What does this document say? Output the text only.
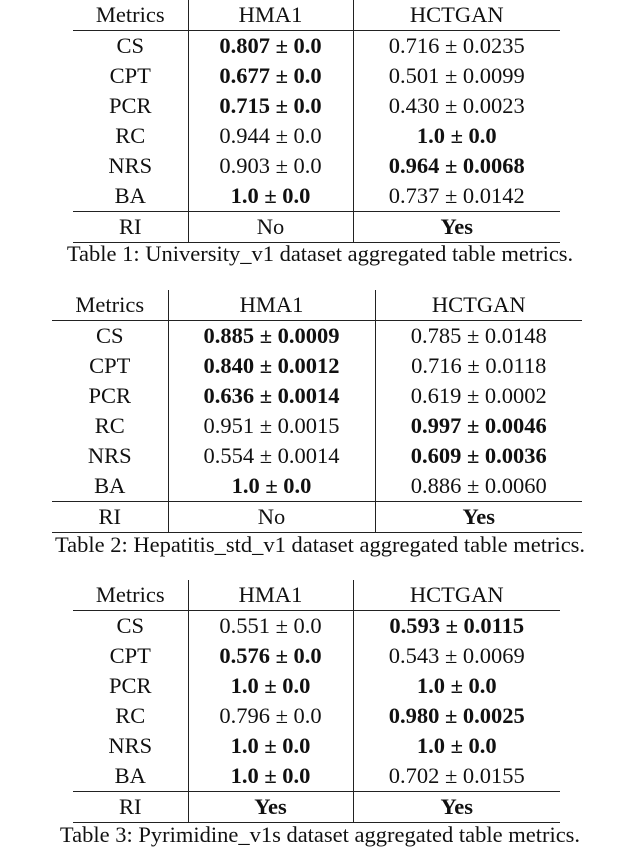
Metrics	HMA1	HCTGAN
CS	0.807 ± 0.0	0.716 ± 0.0235
CPT	0.677 ± 0.0	0.501 ± 0.0099
PCR	0.715 ± 0.0	0.430 ± 0.0023
RC	0.944 ± 0.0	1.0 ± 0.0
NRS	0.903 ± 0.0	0.964 ± 0.0068
BA	1.0 ± 0.0	0.737 ± 0.0142
RI	No	Yes
Table 1: University_v1 dataset aggregated table metrics.
Metrics	HMA1	HCTGAN
CS	0.885 ± 0.0009	0.785 ± 0.0148
CPT	0.840 ± 0.0012	0.716 ± 0.0118
PCR	0.636 ± 0.0014	0.619 ± 0.0002
RC	0.951 ± 0.0015	0.997 ± 0.0046
NRS	0.554 ± 0.0014	0.609 ± 0.0036
BA	1.0 ± 0.0	0.886 ± 0.0060
RI	No	Yes
Table 2: Hepatitis_std_v1 dataset aggregated table metrics.
Metrics	HMA1	HCTGAN
CS	0.551 ± 0.0	0.593 ± 0.0115
CPT	0.576 ± 0.0	0.543 ± 0.0069
PCR	1.0 ± 0.0	1.0 ± 0.0
RC	0.796 ± 0.0	0.980 ± 0.0025
NRS	1.0 ± 0.0	1.0 ± 0.0
BA	1.0 ± 0.0	0.702 ± 0.0155
RI	Yes	Yes
Table 3: Pyrimidine_v1s dataset aggregated table metrics.
